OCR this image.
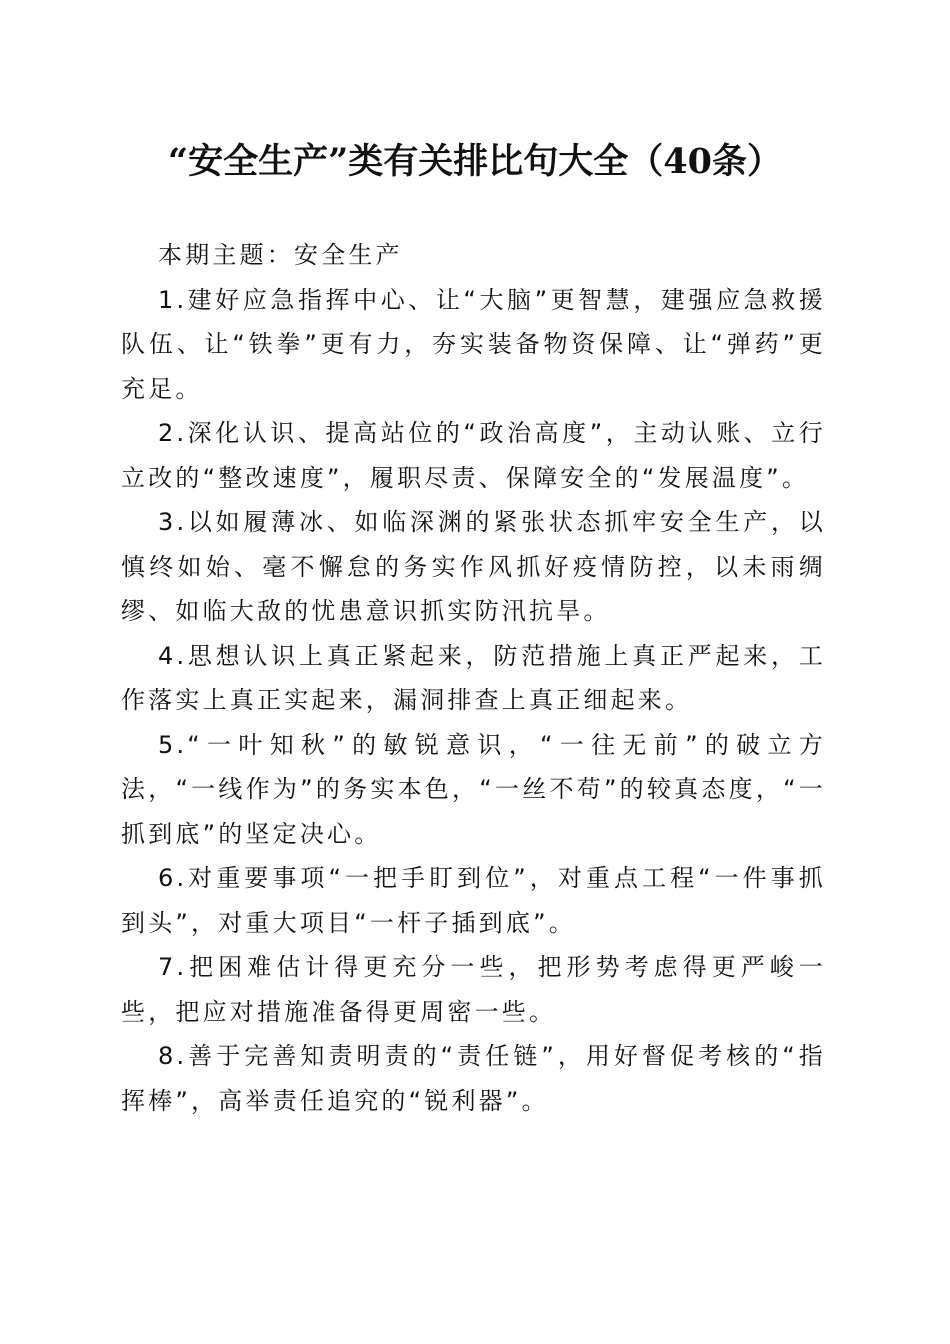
“安全生产”类有关排比句大全（40条）

本期主题：安全生产

1.建好应急指挥中心、让“大脑”更智慧，建强应急救援队伍、让“铁拳”更有力，夯实装备物资保障、让“弹药”更充足。

2.深化认识、提高站位的“政治高度”，主动认账、立行立改的“整改速度”，履职尽责、保障安全的“发展温度”。

3.以如履薄冰、如临深渊的紧张状态抓牢安全生产，以慎终如始、毫不懈怠的务实作风抓好疫情防控，以未雨绸缪、如临大敌的忧患意识抓实防汛抗旱。

4.思想认识上真正紧起来，防范措施上真正严起来，工作落实上真正实起来，漏洞排查上真正细起来。

5.“一叶知秋”的敏锐意识，“一往无前”的破立方法，“一线作为”的务实本色，“一丝不苟”的较真态度，“一抓到底”的坚定决心。

6.对重要事项“一把手盯到位”，对重点工程“一件事抓到头”，对重大项目“一杆子插到底”。

7.把困难估计得更充分一些，把形势考虑得更严峻一些，把应对措施准备得更周密一些。

8.善于完善知责明责的“责任链”，用好督促考核的“指挥棒”，高举责任追究的“锐利器”。
